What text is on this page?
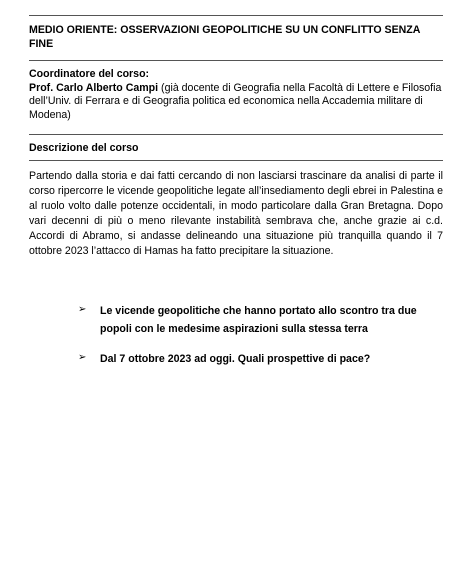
MEDIO ORIENTE: OSSERVAZIONI GEOPOLITICHE SU UN CONFLITTO SENZA FINE
Coordinatore del corso:
Prof. Carlo Alberto Campi (già docente di Geografia nella Facoltà di Lettere e Filosofia dell’Univ. di Ferrara e di Geografia politica ed economica nella Accademia militare di Modena)
Descrizione del corso
Partendo dalla storia e dai fatti cercando di non lasciarsi trascinare da analisi di parte il corso ripercorre le vicende geopolitiche legate all’insediamento degli ebrei in Palestina e al ruolo volto dalle potenze occidentali, in modo particolare dalla Gran Bretagna. Dopo vari decenni di più o meno rilevante instabilità sembrava che, anche grazie ai c.d. Accordi di Abramo, si andasse delineando una situazione più tranquilla quando il 7 ottobre 2023 l’attacco di Hamas ha fatto precipitare la situazione.
➢ Le vicende geopolitiche che hanno portato allo scontro tra due popoli con le medesime aspirazioni sulla stessa terra
➢ Dal 7 ottobre 2023 ad oggi. Quali prospettive di pace?
